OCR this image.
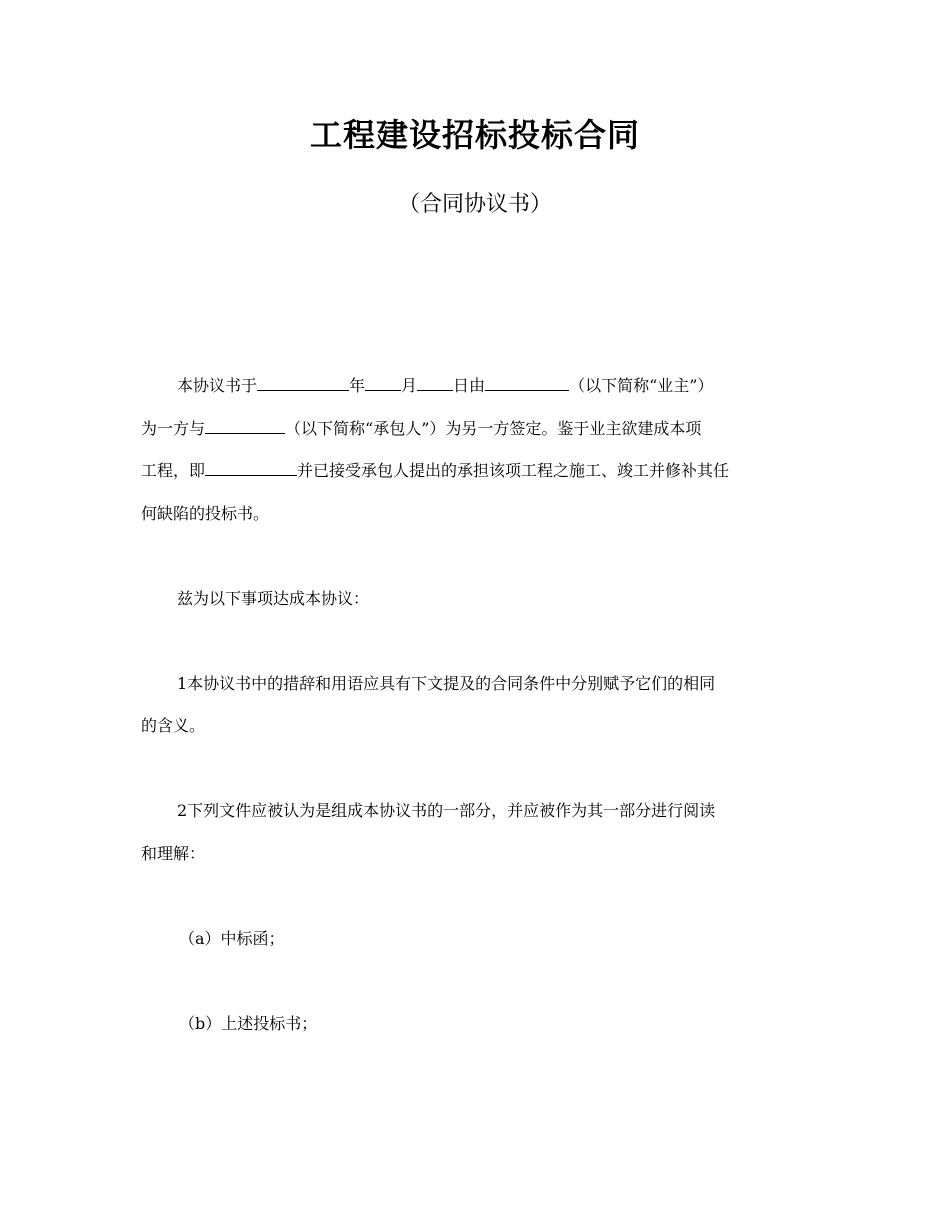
工程建设招标投标合同
（合同协议书）
本协议书于	年 月 日由	（以下简称“业主”）
为一方与	（以下简称“承包人”）为另一方签定。鉴于业主欲建成本项
工程，即	并已接受承包人提出的承担该项工程之施工、竣工并修补其任
何缺陷的投标书。
兹为以下事项达成本协议：
1本协议书中的措辞和用语应具有下文提及的合同条件中分别赋予它们的相同
的含义。
2下列文件应被认为是组成本协议书的一部分，并应被作为其一部分进行阅读
和理解：
（a）中标函；
（b）上述投标书；
